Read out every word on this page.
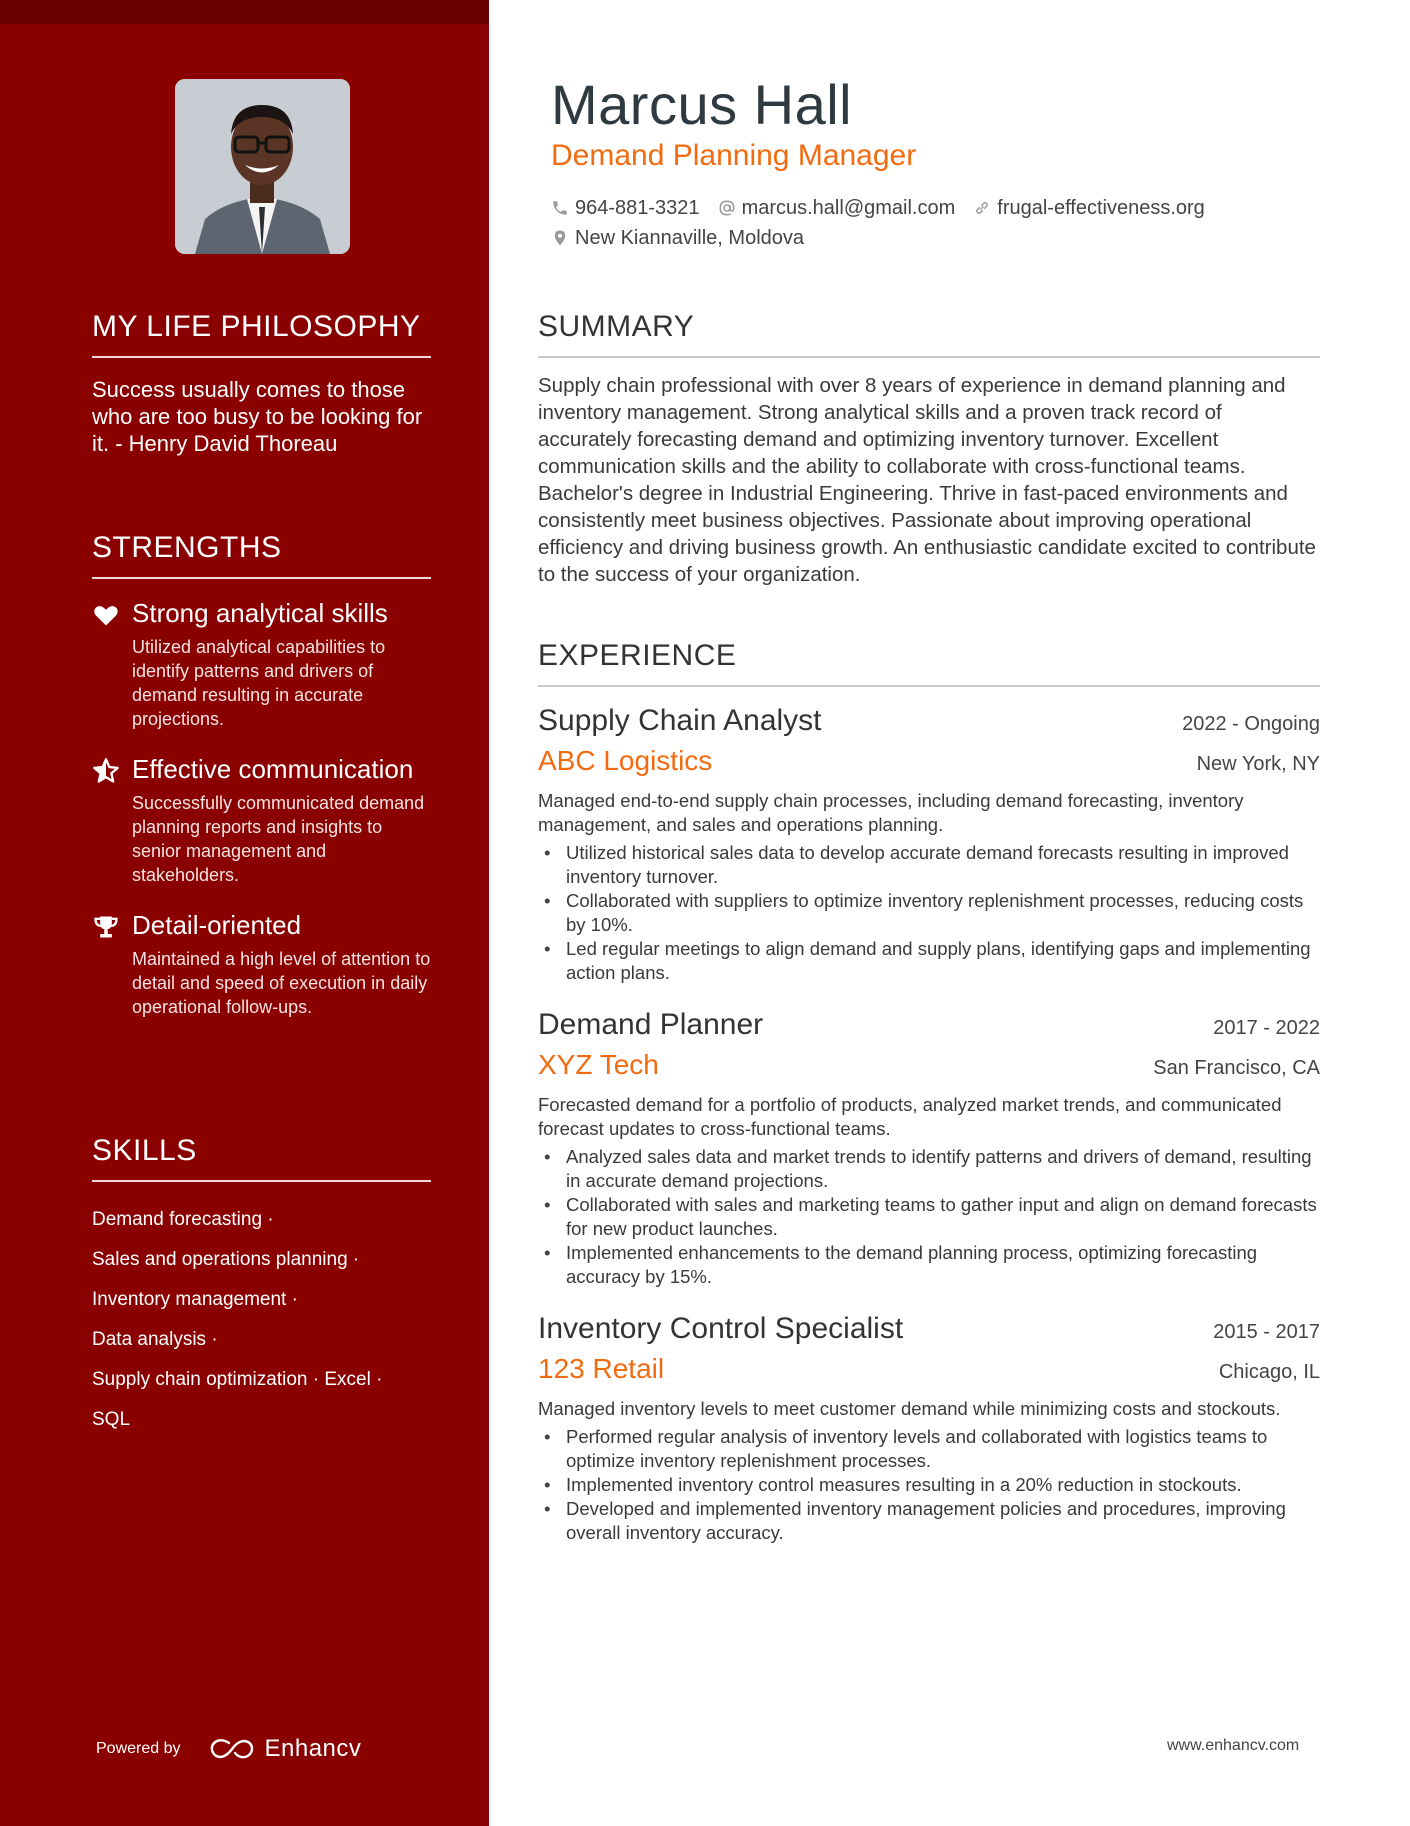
MY LIFE PHILOSOPHY
Success usually comes to those who are too busy to be looking for it. - Henry David Thoreau
STRENGTHS
Strong analytical skills
Utilized analytical capabilities to identify patterns and drivers of demand resulting in accurate projections.
Effective communication
Successfully communicated demand planning reports and insights to senior management and stakeholders.
Detail-oriented
Maintained a high level of attention to detail and speed of execution in daily operational follow-ups.
SKILLS
Demand forecasting ·
Sales and operations planning ·
Inventory management ·
Data analysis ·
Supply chain optimization · Excel ·
SQL
Powered by	Enhancv
Marcus Hall
Demand Planning Manager
964-881-3321 marcus.hall@gmail.com frugal-effectiveness.org
New Kiannaville, Moldova
SUMMARY
Supply chain professional with over 8 years of experience in demand planning and inventory management. Strong analytical skills and a proven track record of accurately forecasting demand and optimizing inventory turnover. Excellent communication skills and the ability to collaborate with cross-functional teams. Bachelor's degree in Industrial Engineering. Thrive in fast-paced environments and consistently meet business objectives. Passionate about improving operational efficiency and driving business growth. An enthusiastic candidate excited to contribute to the success of your organization.
EXPERIENCE
Supply Chain Analyst	2022 - Ongoing
ABC Logistics	New York, NY
Managed end-to-end supply chain processes, including demand forecasting, inventory management, and sales and operations planning.
• Utilized historical sales data to develop accurate demand forecasts resulting in improved inventory turnover.
• Collaborated with suppliers to optimize inventory replenishment processes, reducing costs by 10%.
• Led regular meetings to align demand and supply plans, identifying gaps and implementing action plans.
Demand Planner	2017 - 2022
XYZ Tech	San Francisco, CA
Forecasted demand for a portfolio of products, analyzed market trends, and communicated forecast updates to cross-functional teams.
• Analyzed sales data and market trends to identify patterns and drivers of demand, resulting in accurate demand projections.
• Collaborated with sales and marketing teams to gather input and align on demand forecasts for new product launches.
• Implemented enhancements to the demand planning process, optimizing forecasting accuracy by 15%.
Inventory Control Specialist	2015 - 2017
123 Retail	Chicago, IL
Managed inventory levels to meet customer demand while minimizing costs and stockouts.
• Performed regular analysis of inventory levels and collaborated with logistics teams to optimize inventory replenishment processes.
• Implemented inventory control measures resulting in a 20% reduction in stockouts.
• Developed and implemented inventory management policies and procedures, improving overall inventory accuracy.
www.enhancv.com
